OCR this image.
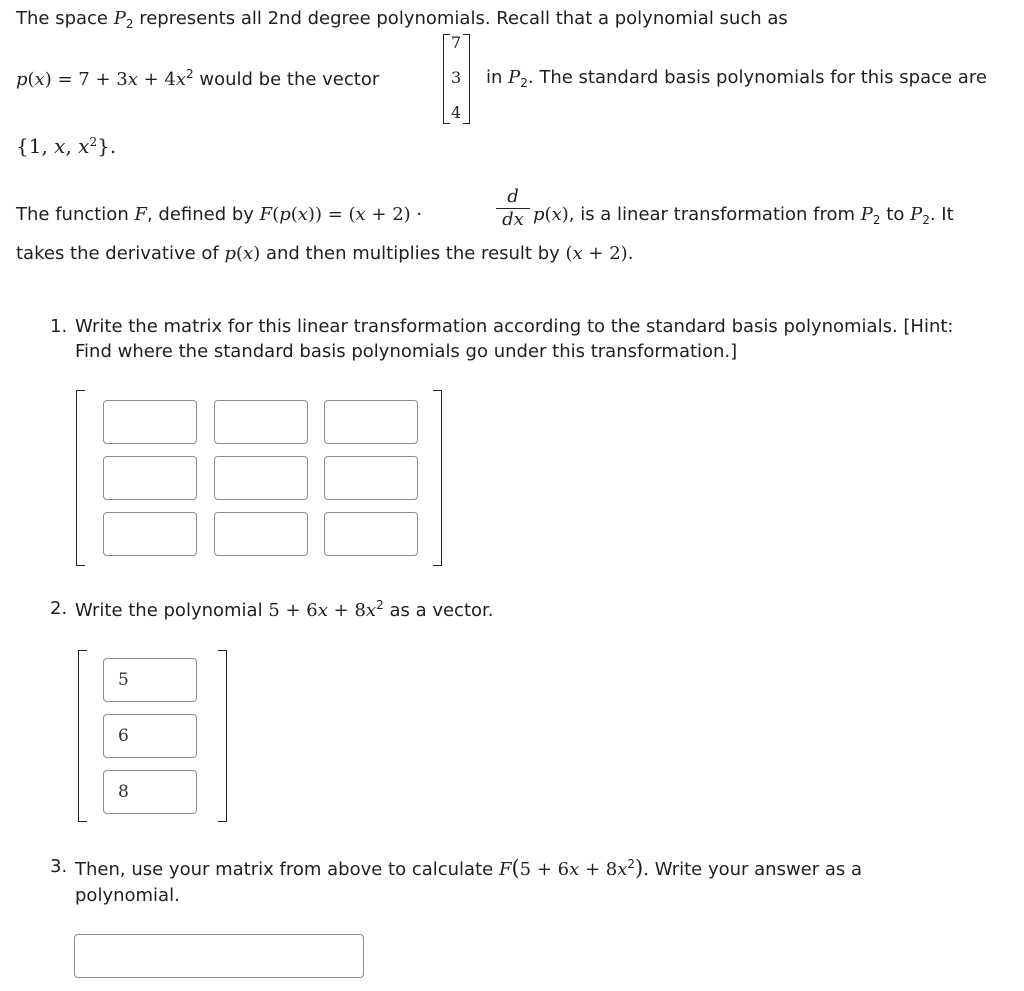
The space $P_2$ represents all 2nd degree polynomials. Recall that a polynomial such as
$p(x) = 7 + 3x + 4x^2$ would be the vector
7
3
4
in $P_2$. The standard basis polynomials for this space are
{1, x, $x^2$}.
The function F, defined by F(p(x)) = (x + 2) ·
d
dx p(x), is a linear transformation from $P_2$ to $P_2$. It
takes the derivative of p(x) and then multiplies the result by (x + 2).
1. Write the matrix for this linear transformation according to the standard basis polynomials. [Hint:
Find where the standard basis polynomials go under this transformation.]
2. Write the polynomial $5 + 6x + 8x^2$ as a vector.
5
6
8
3. Then, use your matrix from above to calculate $F(5 + 6x + 8x^2)$. Write your answer as a
polynomial.
